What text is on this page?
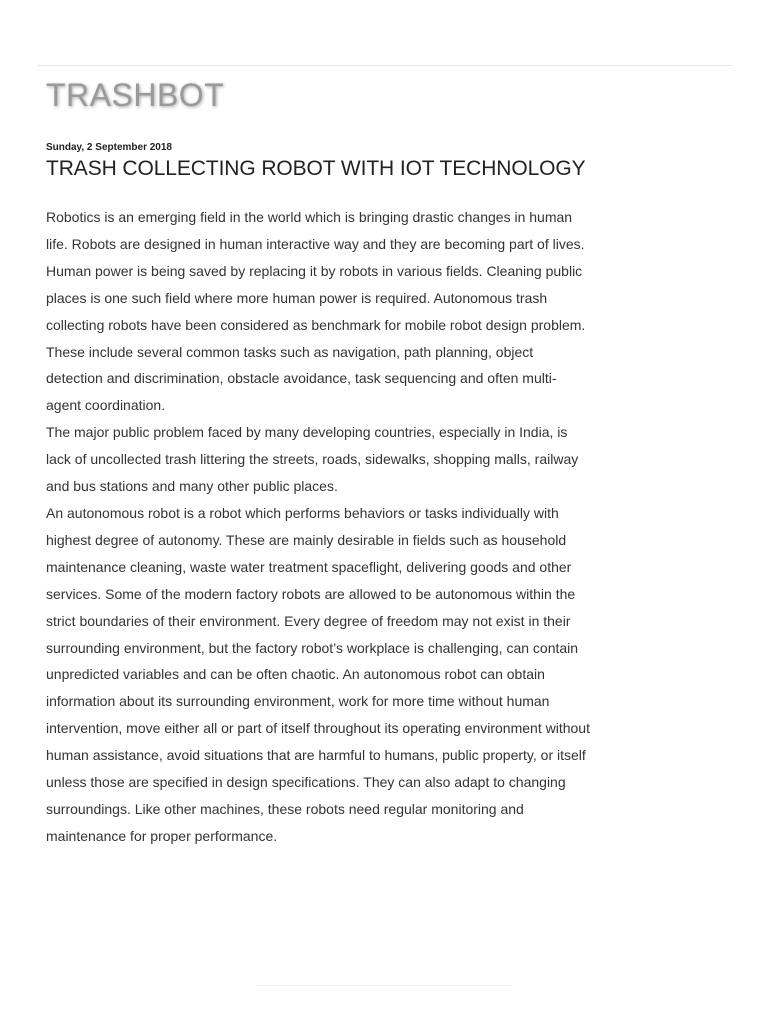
TRASHBOT
Sunday, 2 September 2018
TRASH COLLECTING ROBOT WITH IOT TECHNOLOGY

Robotics is an emerging field in the world which is bringing drastic changes in human life. Robots are designed in human interactive way and they are becoming part of lives. Human power is being saved by replacing it by robots in various fields. Cleaning public places is one such field where more human power is required. Autonomous trash collecting robots have been considered as benchmark for mobile robot design problem. These include several common tasks such as navigation, path planning, object detection and discrimination, obstacle avoidance, task sequencing and often multi-agent coordination.

The major public problem faced by many developing countries, especially in India, is lack of uncollected trash littering the streets, roads, sidewalks, shopping malls, railway and bus stations and many other public places.

An autonomous robot is a robot which performs behaviors or tasks individually with highest degree of autonomy. These are mainly desirable in fields such as household maintenance cleaning, waste water treatment spaceflight, delivering goods and other services. Some of the modern factory robots are allowed to be autonomous within the strict boundaries of their environment. Every degree of freedom may not exist in their surrounding environment, but the factory robot’s workplace is challenging, can contain unpredicted variables and can be often chaotic. An autonomous robot can obtain information about its surrounding environment, work for more time without human intervention, move either all or part of itself throughout its operating environment without human assistance, avoid situations that are harmful to humans, public property, or itself unless those are specified in design specifications. They can also adapt to changing surroundings. Like other machines, these robots need regular monitoring and maintenance for proper performance.
